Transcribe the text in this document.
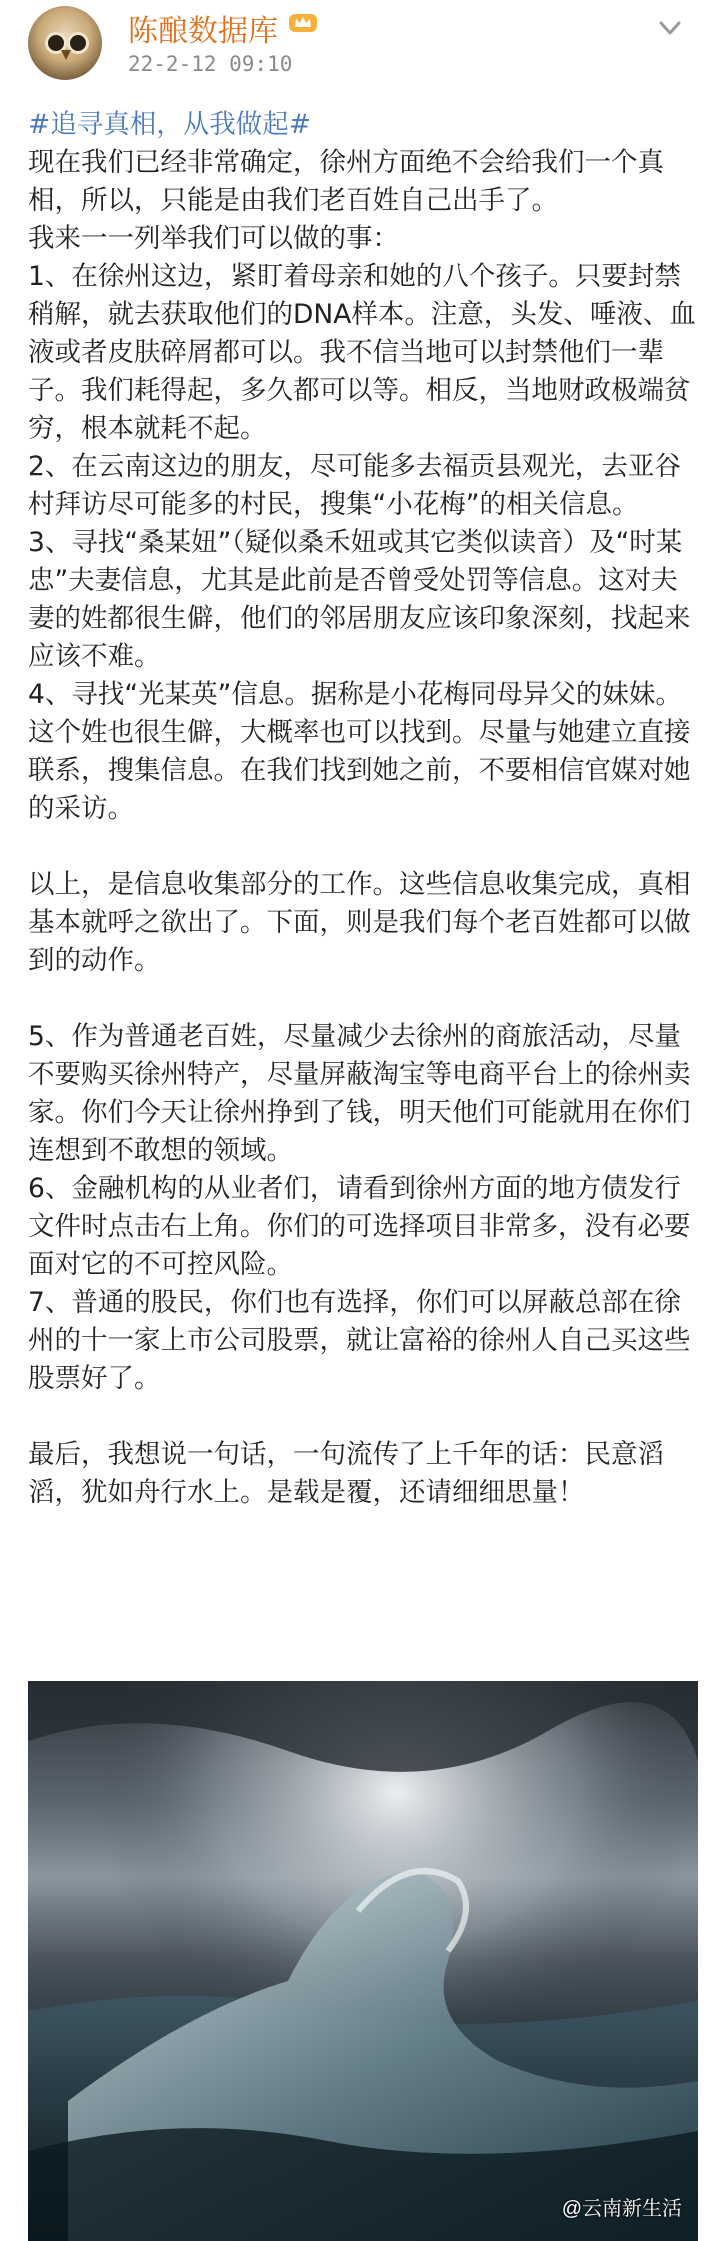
陈酿数据库
22-2-12 09:10

#追寻真相，从我做起#

现在我们已经非常确定，徐州方面绝不会给我们一个真相，所以，只能是由我们老百姓自己出手了。

我来一一列举我们可以做的事：

1、在徐州这边，紧盯着母亲和她的八个孩子。只要封禁稍解，就去获取他们的DNA样本。注意，头发、唾液、血液或者皮肤碎屑都可以。我不信当地可以封禁他们一辈子。我们耗得起，多久都可以等。相反，当地财政极端贫穷，根本就耗不起。

2、在云南这边的朋友，尽可能多去福贡县观光，去亚谷村拜访尽可能多的村民，搜集“小花梅”的相关信息。

3、寻找“桑某妞”（疑似桑禾妞或其它类似读音）及“时某忠”夫妻信息，尤其是此前是否曾受处罚等信息。这对夫妻的姓都很生僻，他们的邻居朋友应该印象深刻，找起来应该不难。

4、寻找“光某英”信息。据称是小花梅同母异父的妹妹。这个姓也很生僻，大概率也可以找到。尽量与她建立直接联系，搜集信息。在我们找到她之前，不要相信官媒对她的采访。

以上，是信息收集部分的工作。这些信息收集完成，真相基本就呼之欲出了。下面，则是我们每个老百姓都可以做到的动作。

5、作为普通老百姓，尽量减少去徐州的商旅活动，尽量不要购买徐州特产，尽量屏蔽淘宝等电商平台上的徐州卖家。你们今天让徐州挣到了钱，明天他们可能就用在你们连想到不敢想的领域。

6、金融机构的从业者们，请看到徐州方面的地方债发行文件时点击右上角。你们的可选择项目非常多，没有必要面对它的不可控风险。

7、普通的股民，你们也有选择，你们可以屏蔽总部在徐州的十一家上市公司股票，就让富裕的徐州人自己买这些股票好了。

最后，我想说一句话，一句流传了上千年的话：民意滔滔，犹如舟行水上。是载是覆，还请细细思量！

@云南新生活
